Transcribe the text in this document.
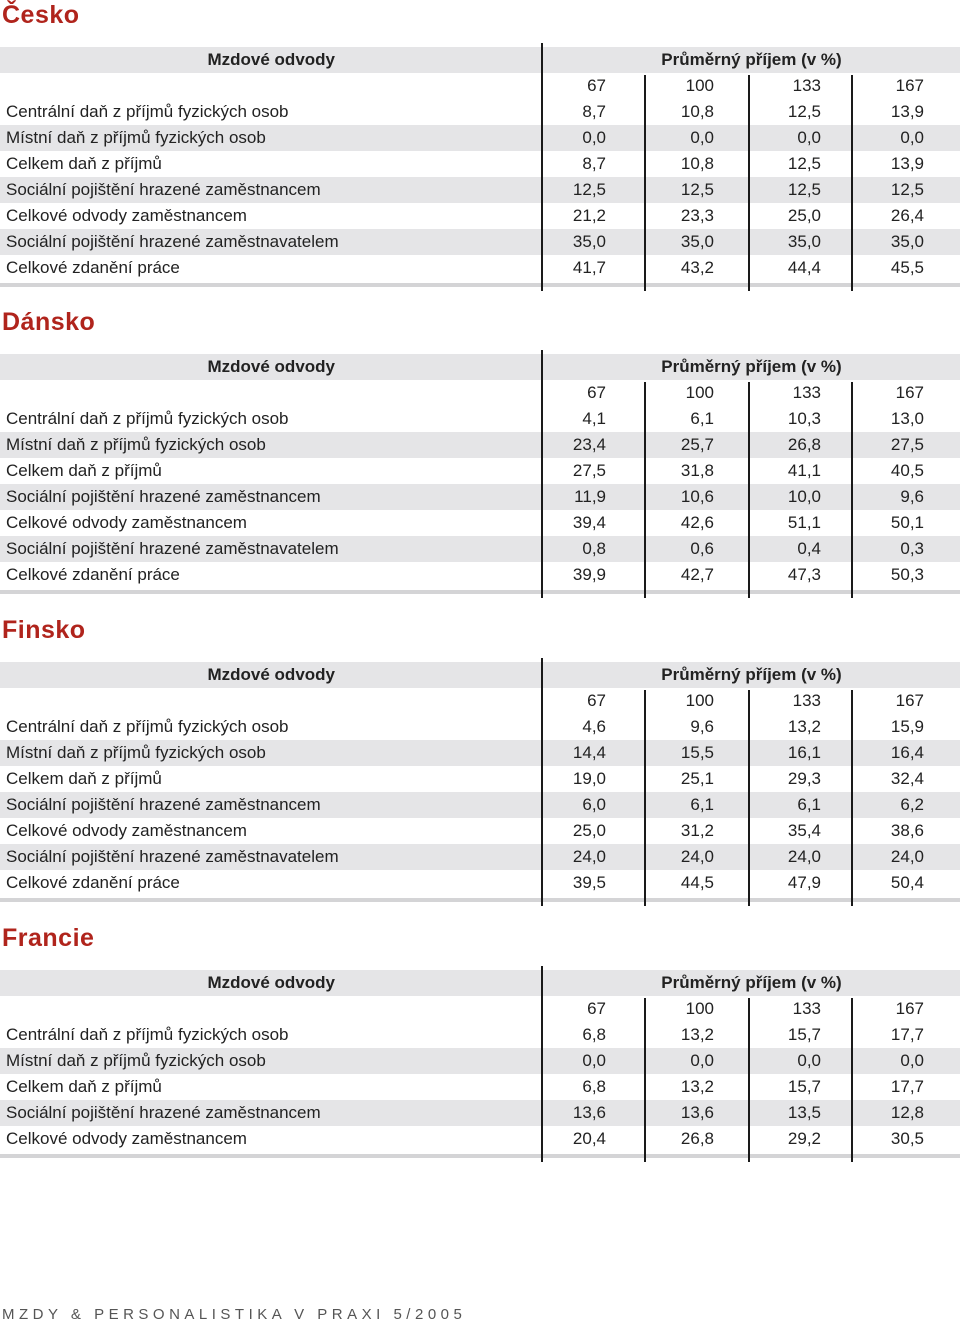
Česko
Mzdové odvody	Průměrný příjem (v %)
67	100	133	167
Centrální daň z příjmů fyzických osob	8,7	10,8	12,5	13,9
Místní daň z příjmů fyzických osob	0,0	0,0	0,0	0,0
Celkem daň z příjmů	8,7	10,8	12,5	13,9
Sociální pojištění hrazené zaměstnancem	12,5	12,5	12,5	12,5
Celkové odvody zaměstnancem	21,2	23,3	25,0	26,4
Sociální pojištění hrazené zaměstnavatelem	35,0	35,0	35,0	35,0
Celkové zdanění práce	41,7	43,2	44,4	45,5
Dánsko
Mzdové odvody	Průměrný příjem (v %)
67	100	133	167
Centrální daň z příjmů fyzických osob	4,1	6,1	10,3	13,0
Místní daň z příjmů fyzických osob	23,4	25,7	26,8	27,5
Celkem daň z příjmů	27,5	31,8	41,1	40,5
Sociální pojištění hrazené zaměstnancem	11,9	10,6	10,0	9,6
Celkové odvody zaměstnancem	39,4	42,6	51,1	50,1
Sociální pojištění hrazené zaměstnavatelem	0,8	0,6	0,4	0,3
Celkové zdanění práce	39,9	42,7	47,3	50,3
Finsko
Mzdové odvody	Průměrný příjem (v %)
67	100	133	167
Centrální daň z příjmů fyzických osob	4,6	9,6	13,2	15,9
Místní daň z příjmů fyzických osob	14,4	15,5	16,1	16,4
Celkem daň z příjmů	19,0	25,1	29,3	32,4
Sociální pojištění hrazené zaměstnancem	6,0	6,1	6,1	6,2
Celkové odvody zaměstnancem	25,0	31,2	35,4	38,6
Sociální pojištění hrazené zaměstnavatelem	24,0	24,0	24,0	24,0
Celkové zdanění práce	39,5	44,5	47,9	50,4
Francie
Mzdové odvody	Průměrný příjem (v %)
67	100	133	167
Centrální daň z příjmů fyzických osob	6,8	13,2	15,7	17,7
Místní daň z příjmů fyzických osob	0,0	0,0	0,0	0,0
Celkem daň z příjmů	6,8	13,2	15,7	17,7
Sociální pojištění hrazené zaměstnancem	13,6	13,6	13,5	12,8
Celkové odvody zaměstnancem	20,4	26,8	29,2	30,5
MZDY & PERSONALISTIKA V PRAXI 5/2005
